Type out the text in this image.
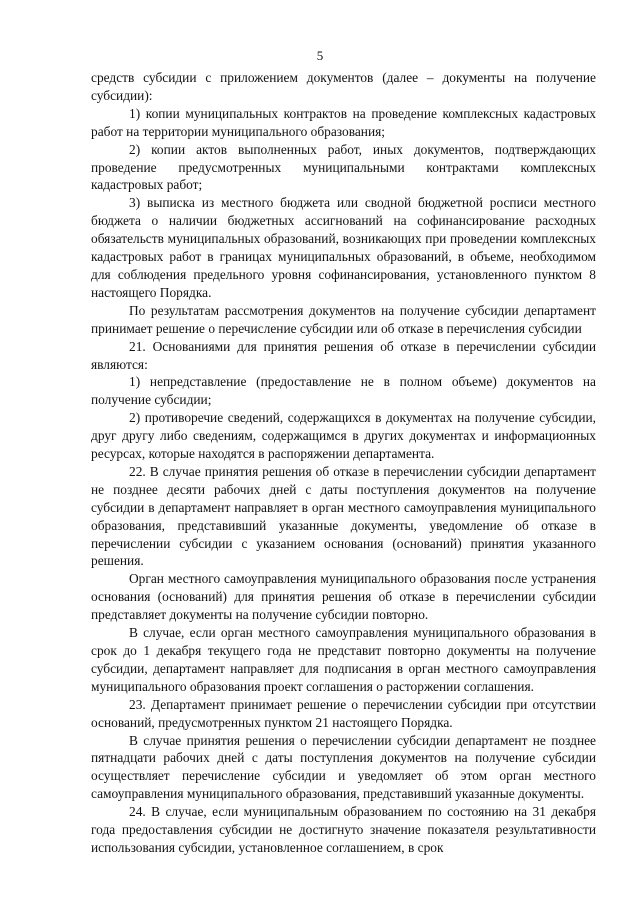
5

средств субсидии с приложением документов (далее – документы на получение субсидии):

1) копии муниципальных контрактов на проведение комплексных кадастровых работ на территории муниципального образования;

2) копии актов выполненных работ, иных документов, подтверждающих проведение предусмотренных муниципальными контрактами комплексных кадастровых работ;

3) выписка из местного бюджета или сводной бюджетной росписи местного бюджета о наличии бюджетных ассигнований на софинансирование расходных обязательств муниципальных образований, возникающих при проведении комплексных кадастровых работ в границах муниципальных образований, в объеме, необходимом для соблюдения предельного уровня софинансирования, установленного пунктом 8 настоящего Порядка.

По результатам рассмотрения документов на получение субсидии департамент принимает решение о перечисление субсидии или об отказе в перечисления субсидии

21. Основаниями для принятия решения об отказе в перечислении субсидии являются:

1) непредставление (предоставление не в полном объеме) документов на получение субсидии;

2) противоречие сведений, содержащихся в документах на получение субсидии, друг другу либо сведениям, содержащимся в других документах и информационных ресурсах, которые находятся в распоряжении департамента.

22. В случае принятия решения об отказе в перечислении субсидии департамент не позднее десяти рабочих дней с даты поступления документов на получение субсидии в департамент направляет в орган местного самоуправления муниципального образования, представивший указанные документы, уведомление об отказе в перечислении субсидии с указанием основания (оснований) принятия указанного решения.

Орган местного самоуправления муниципального образования после устранения основания (оснований) для принятия решения об отказе в перечислении субсидии представляет документы на получение субсидии повторно.

В случае, если орган местного самоуправления муниципального образования в срок до 1 декабря текущего года не представит повторно документы на получение субсидии, департамент направляет для подписания в орган местного самоуправления муниципального образования проект соглашения о расторжении соглашения.

23. Департамент принимает решение о перечислении субсидии при отсутствии оснований, предусмотренных пунктом 21 настоящего Порядка.

В случае принятия решения о перечислении субсидии департамент не позднее пятнадцати рабочих дней с даты поступления документов на получение субсидии осуществляет перечисление субсидии и уведомляет об этом орган местного самоуправления муниципального образования, представивший указанные документы.

24. В случае, если муниципальным образованием по состоянию на 31 декабря года предоставления субсидии не достигнуто значение показателя результативности использования субсидии, установленное соглашением, в срок
